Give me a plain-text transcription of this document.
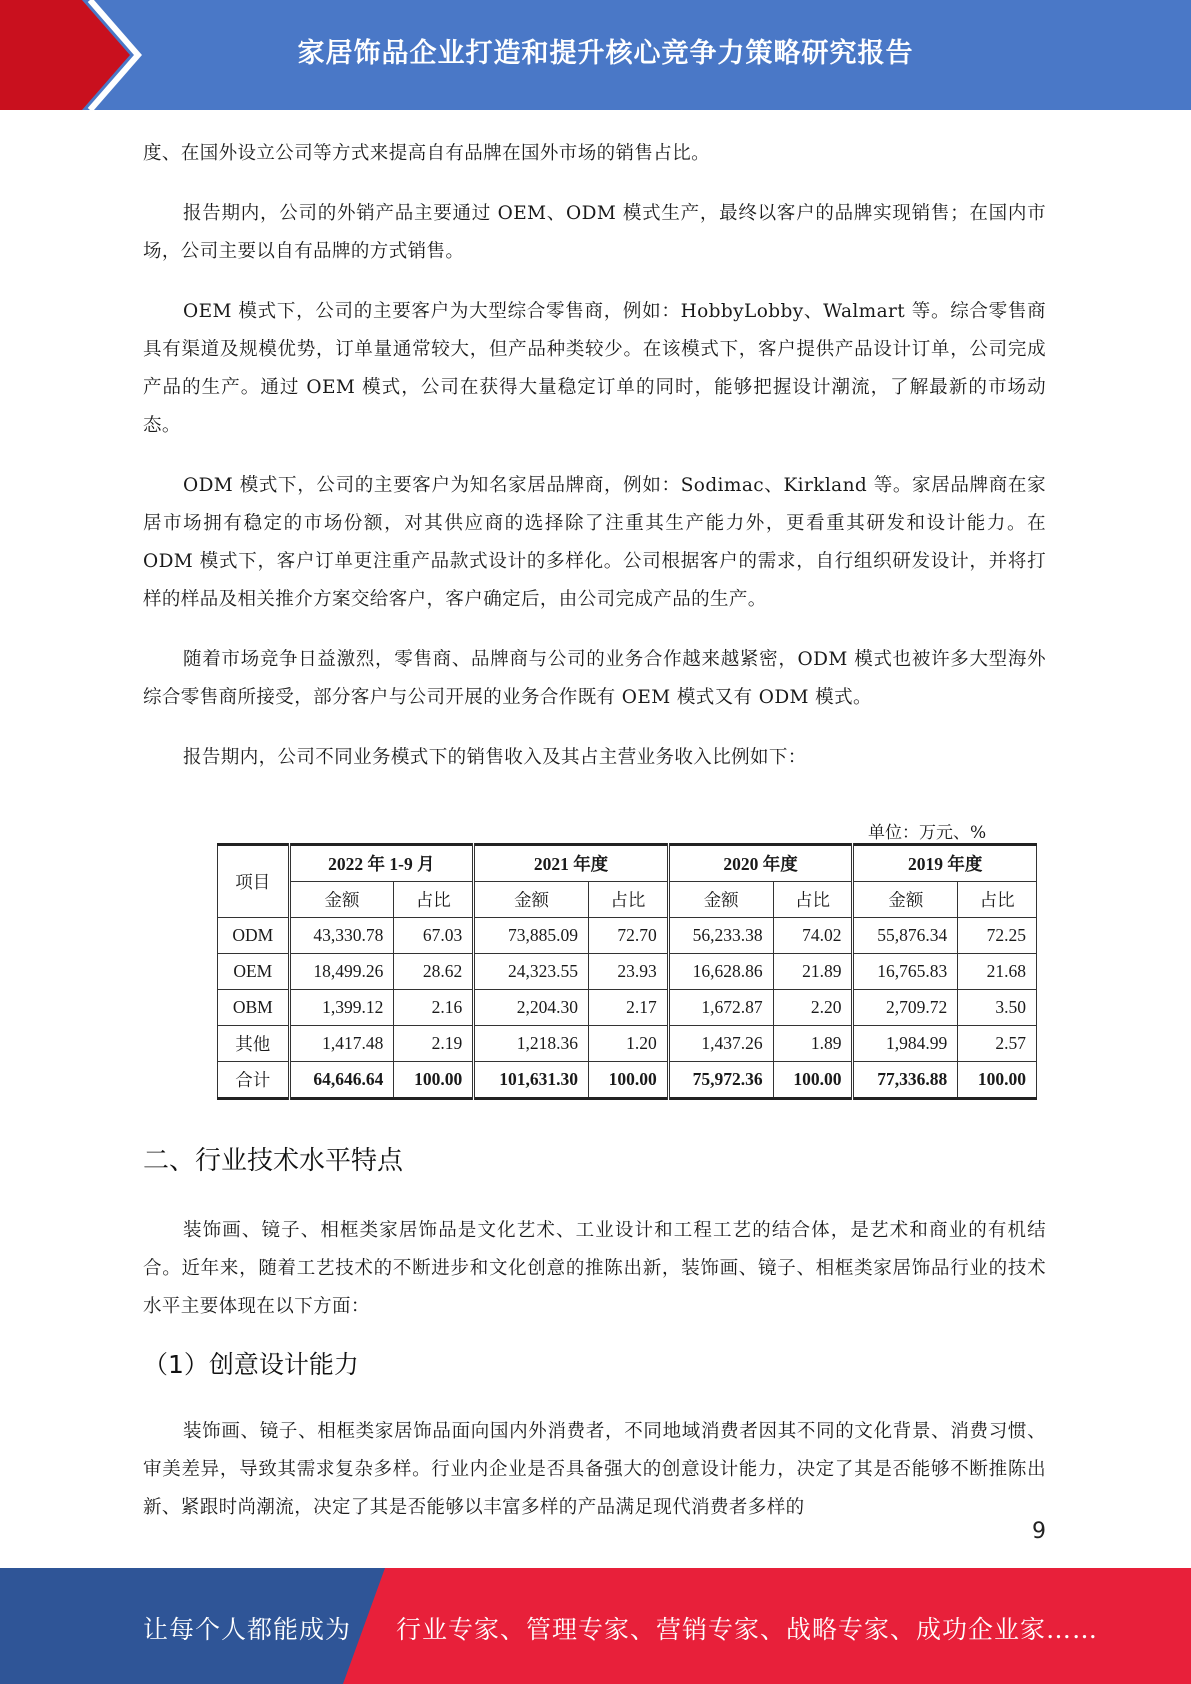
家居饰品企业打造和提升核心竞争力策略研究报告

度、在国外设立公司等方式来提高自有品牌在国外市场的销售占比。

报告期内，公司的外销产品主要通过 OEM、ODM 模式生产，最终以客户的品牌实现销售；在国内市场，公司主要以自有品牌的方式销售。

OEM 模式下，公司的主要客户为大型综合零售商，例如：HobbyLobby、Walmart 等。综合零售商具有渠道及规模优势，订单量通常较大，但产品种类较少。在该模式下，客户提供产品设计订单，公司完成产品的生产。通过 OEM 模式，公司在获得大量稳定订单的同时，能够把握设计潮流，了解最新的市场动态。

ODM 模式下，公司的主要客户为知名家居品牌商，例如：Sodimac、Kirkland 等。家居品牌商在家居市场拥有稳定的市场份额，对其供应商的选择除了注重其生产能力外，更看重其研发和设计能力。在 ODM 模式下，客户订单更注重产品款式设计的多样化。公司根据客户的需求，自行组织研发设计，并将打样的样品及相关推介方案交给客户，客户确定后，由公司完成产品的生产。

随着市场竞争日益激烈，零售商、品牌商与公司的业务合作越来越紧密，ODM 模式也被许多大型海外综合零售商所接受，部分客户与公司开展的业务合作既有 OEM 模式又有 ODM 模式。

报告期内，公司不同业务模式下的销售收入及其占主营业务收入比例如下：

单位：万元、%
项目	2022 年 1-9 月		2021 年度		2020 年度		2019 年度	
	金额	占比	金额	占比	金额	占比	金额	占比
ODM	43,330.78	67.03	73,885.09	72.70	56,233.38	74.02	55,876.34	72.25
OEM	18,499.26	28.62	24,323.55	23.93	16,628.86	21.89	16,765.83	21.68
OBM	1,399.12	2.16	2,204.30	2.17	1,672.87	2.20	2,709.72	3.50
其他	1,417.48	2.19	1,218.36	1.20	1,437.26	1.89	1,984.99	2.57
合计	64,646.64	100.00	101,631.30	100.00	75,972.36	100.00	77,336.88	100.00
二、行业技术水平特点

装饰画、镜子、相框类家居饰品是文化艺术、工业设计和工程工艺的结合体，是艺术和商业的有机结合。近年来，随着工艺技术的不断进步和文化创意的推陈出新，装饰画、镜子、相框类家居饰品行业的技术水平主要体现在以下方面：

（1）创意设计能力

装饰画、镜子、相框类家居饰品面向国内外消费者，不同地域消费者因其不同的文化背景、消费习惯、审美差异，导致其需求复杂多样。行业内企业是否具备强大的创意设计能力，决定了其是否能够不断推陈出新、紧跟时尚潮流，决定了其是否能够以丰富多样的产品满足现代消费者多样的

9
让每个人都能成为 行业专家、管理专家、营销专家、战略专家、成功企业家……
